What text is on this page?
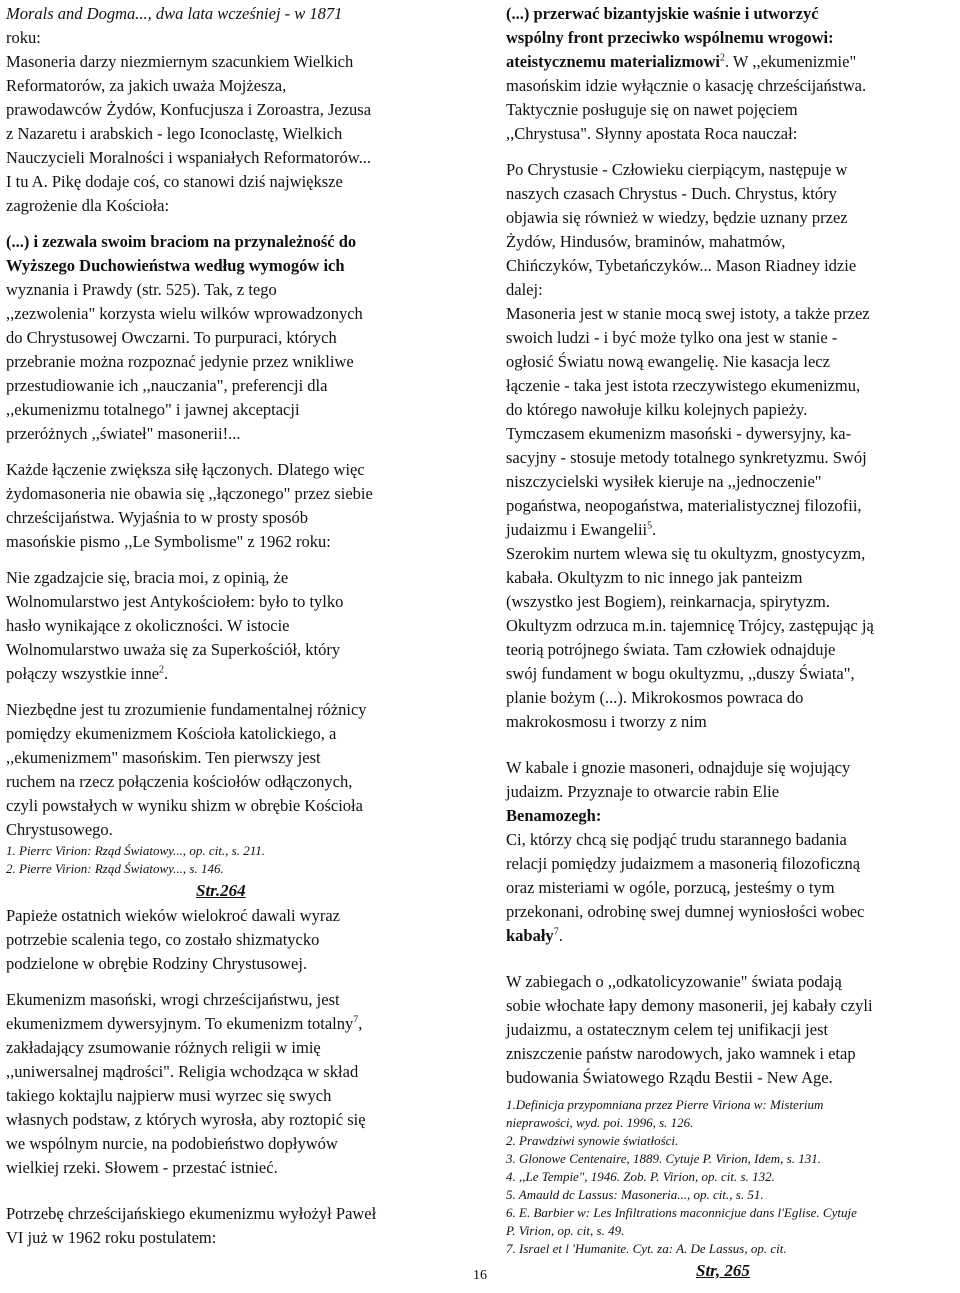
Morals and Dogma..., dwa lata wcześniej - w 1871
roku:
Masoneria darzy niezmiernym szacunkiem Wielkich
Reformatorów, za jakich uważa Mojżesza,
prawodawców Żydów, Konfucjusza i Zoroastra, Jezusa
z Nazaretu i arabskich - lego Iconoclastę, Wielkich
Nauczycieli Moralności i wspaniałych Reformatorów...
I tu A. Pikę dodaje coś, co stanowi dziś największe
zagrożenie dla Kościoła:
(...) i zezwala swoim braciom na przynależność do
Wyższego Duchowieństwa według wymogów ich
wyznania i Prawdy (str. 525). Tak, z tego
,,zezwolenia" korzysta wielu wilków wprowadzonych
do Chrystusowej Owczarni. To purpuraci, których
przebranie można rozpoznać jedynie przez wnikliwe
przestudiowanie ich ,,nauczania", preferencji dla
,,ekumenizmu totalnego" i jawnej akceptacji
przeróżnych ,,świateł" masonerii!...
Każde łączenie zwiększa siłę łączonych. Dlatego więc
żydomasoneria nie obawia się ,,łączonego" przez siebie
chrześcijaństwa. Wyjaśnia to w prosty sposób
masońskie pismo ,,Le Symbolisme" z 1962 roku:
Nie zgadzajcie się, bracia moi, z opinią, że
Wolnomularstwo jest Antykościołem: było to tylko
hasło wynikające z okoliczności. W istocie
Wolnomularstwo uważa się za Superkościół, który
połączy wszystkie inne$^2$.
Niezbędne jest tu zrozumienie fundamentalnej różnicy
pomiędzy ekumenizmem Kościoła katolickiego, a
,,ekumenizmem" masońskim. Ten pierwszy jest
ruchem na rzecz połączenia kościołów odłączonych,
czyli powstałych w wyniku shizm w obrębie Kościoła
Chrystusowego.
1. Pierrc Virion: Rząd Światowy..., op. cit., s. 211.
2. Pierre Virion: Rząd Światowy..., s. 146.
Str.264
Papieże ostatnich wieków wielokroć dawali wyraz
potrzebie scalenia tego, co zostało shizmatycko
podzielone w obrębie Rodziny Chrystusowej.
Ekumenizm masoński, wrogi chrześcijaństwu, jest
ekumenizmem dywersyjnym. To ekumenizm totalny$^7$,
zakładający zsumowanie różnych religii w imię
,,uniwersalnej mądrości". Religia wchodząca w skład
takiego koktajlu najpierw musi wyrzec się swych
własnych podstaw, z których wyrosła, aby roztopić się
we wspólnym nurcie, na podobieństwo dopływów
wielkiej rzeki. Słowem - przestać istnieć.
Potrzebę chrześcijańskiego ekumenizmu wyłożył Paweł
VI już w 1962 roku postulatem:
(...) przerwać bizantyjskie waśnie i utworzyć
wspólny front przeciwko wspólnemu wrogowi:
ateistycznemu materializmowi$^2$. W ,,ekumenizmie"
masońskim idzie wyłącznie o kasację chrześcijaństwa.
Taktycznie posługuje się on nawet pojęciem
,,Chrystusa". Słynny apostata Roca nauczał:
Po Chrystusie - Człowieku cierpiącym, następuje w
naszych czasach Chrystus - Duch. Chrystus, który
objawia się również w wiedzy, będzie uznany przez
Żydów, Hindusów, braminów, mahatmów,
Chińczyków, Tybetańczyków... Mason Riadney idzie
dalej:
Masoneria jest w stanie mocą swej istoty, a także przez
swoich ludzi - i być może tylko ona jest w stanie -
ogłosić Światu nową ewangelię. Nie kasacja lecz
łączenie - taka jest istota rzeczywistego ekumenizmu,
do którego nawołuje kilku kolejnych papieży.
Tymczasem ekumenizm masoński - dywersyjny, ka-
sacyjny - stosuje metody totalnego synkretyzmu. Swój
niszczycielski wysiłek kieruje na ,,jednoczenie"
pogaństwa, neopogaństwa, materialistycznej filozofii,
judaizmu i Ewangelii$^5$.
Szerokim nurtem wlewa się tu okultyzm, gnostycyzm,
kabała. Okultyzm to nic innego jak panteizm
(wszystko jest Bogiem), reinkarnacja, spirytyzm.
Okultyzm odrzuca m.in. tajemnicę Trójcy, zastępując ją
teorią potrójnego świata. Tam człowiek odnajduje
swój fundament w bogu okultyzmu, ,,duszy Świata",
planie bożym (...). Mikrokosmos powraca do
makrokosmosu i tworzy z nim
W kabale i gnozie masoneri, odnajduje się wojujący
judaizm. Przyznaje to otwarcie rabin Elie
Benamozegh:
Ci, którzy chcą się podjąć trudu starannego badania
relacji pomiędzy judaizmem a masonerią filozoficzną
oraz misteriami w ogóle, porzucą, jesteśmy o tym
przekonani, odrobinę swej dumnej wyniosłości wobec
kabały$^7$.
W zabiegach o ,,odkatolicyzowanie" świata podają
sobie włochate łapy demony masonerii, jej kabały czyli
judaizmu, a ostatecznym celem tej unifikacji jest
zniszczenie państw narodowych, jako wamnek i etap
budowania Światowego Rządu Bestii - New Age.
1.Definicja przypomniana przez Pierre Viriona w: Misterium
nieprawości, wyd. poi. 1996, s. 126.
2. Prawdziwi synowie światłości.
3. Glonowe Centenaire, 1889. Cytuje P. Virion, Idem, s. 131.
4. ,,Le Tempie", 1946. Zob. P. Virion, op. cit. s. 132.
5. Amauld dc Lassus: Masoneria..., op. cit., s. 51.
6. E. Barbier w: Les Infiltrations maconnicjue dans l'Eglise. Cytuje
P. Virion, op. cit, s. 49.
7. Israel et l 'Humanite. Cyt. za: A. De Lassus, op. cit.
Str, 265
16
